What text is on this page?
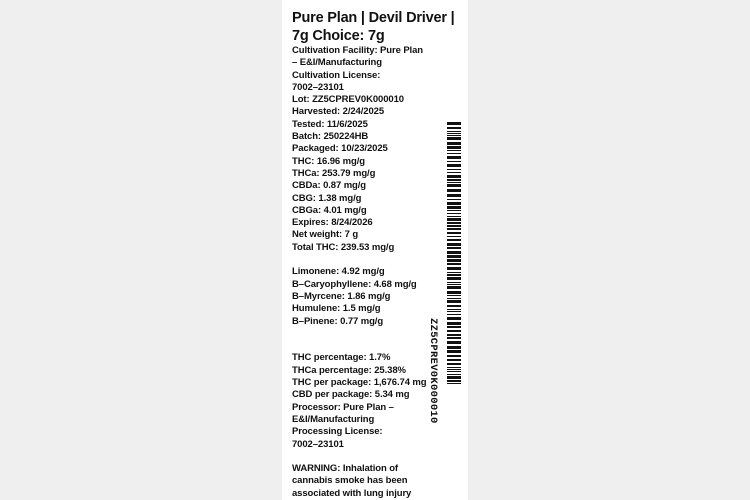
Pure Plan | Devil Driver |
7g Choice: 7g
Cultivation Facility: Pure Plan
– E&I/Manufacturing
Cultivation License:
7002–23101
Lot: ZZ5CPREV0K000010
Harvested: 2/24/2025
Tested: 11/6/2025
Batch: 250224HB
Packaged: 10/23/2025
THC: 16.96 mg/g
THCa: 253.79 mg/g
CBDa: 0.87 mg/g
CBG: 1.38 mg/g
CBGa: 4.01 mg/g
Expires: 8/24/2026
Net weight: 7 g
Total THC: 239.53 mg/g
Limonene: 4.92 mg/g
B–Caryophyllene: 4.68 mg/g
B–Myrcene: 1.86 mg/g
Humulene: 1.5 mg/g
B–Pinene: 0.77 mg/g
THC percentage: 1.7%
THCa percentage: 25.38%
THC per package: 1,676.74 mg
CBD per package: 5.34 mg
Processor: Pure Plan –
E&I/Manufacturing
Processing License:
7002–23101
WARNING: Inhalation of
cannabis smoke has been
associated with lung injury
ZZ5CPREV0K000010
